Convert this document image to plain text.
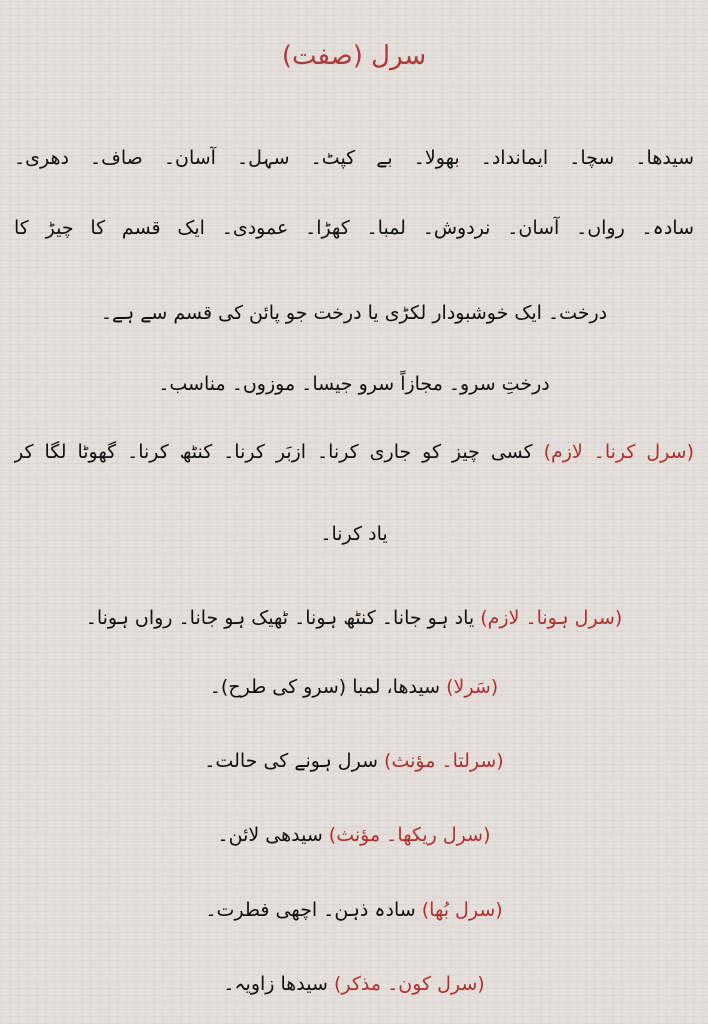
سرل (صفت)
سیدھا۔ سچا۔ ایمانداد۔ بھولا۔ بے کپٹ۔ سہل۔ آسان۔ صاف۔ دھری۔
سادہ۔ رواں۔ آسان۔ نردوش۔ لمبا۔ کھڑا۔ عمودی۔ ایک قسم کا چیڑ کا
درخت۔ ایک خوشبودار لکڑی یا درخت جو پائن کی قسم سے ہے۔
درختِ سرو۔ مجازاً سرو جیسا۔ موزوں۔ مناسب۔
(سرل کرنا۔ لازم) کسی چیز کو جاری کرنا۔ ازبَر کرنا۔ کنٹھ کرنا۔ گھوٹا لگا کر
یاد کرنا۔
(سرل ہونا۔ لازم) یاد ہو جانا۔ کنٹھ ہونا۔ ٹھیک ہو جانا۔ رواں ہونا۔
(سَرلا) سیدھا، لمبا (سرو کی طرح)۔
(سرلتا۔ مؤنث) سرل ہونے کی حالت۔
(سرل ریکھا۔ مؤنث) سیدھی لائن۔
(سرل بُھا) سادہ ذہن۔ اچھی فطرت۔
(سرل کون۔ مذکر) سیدھا زاویہ۔
